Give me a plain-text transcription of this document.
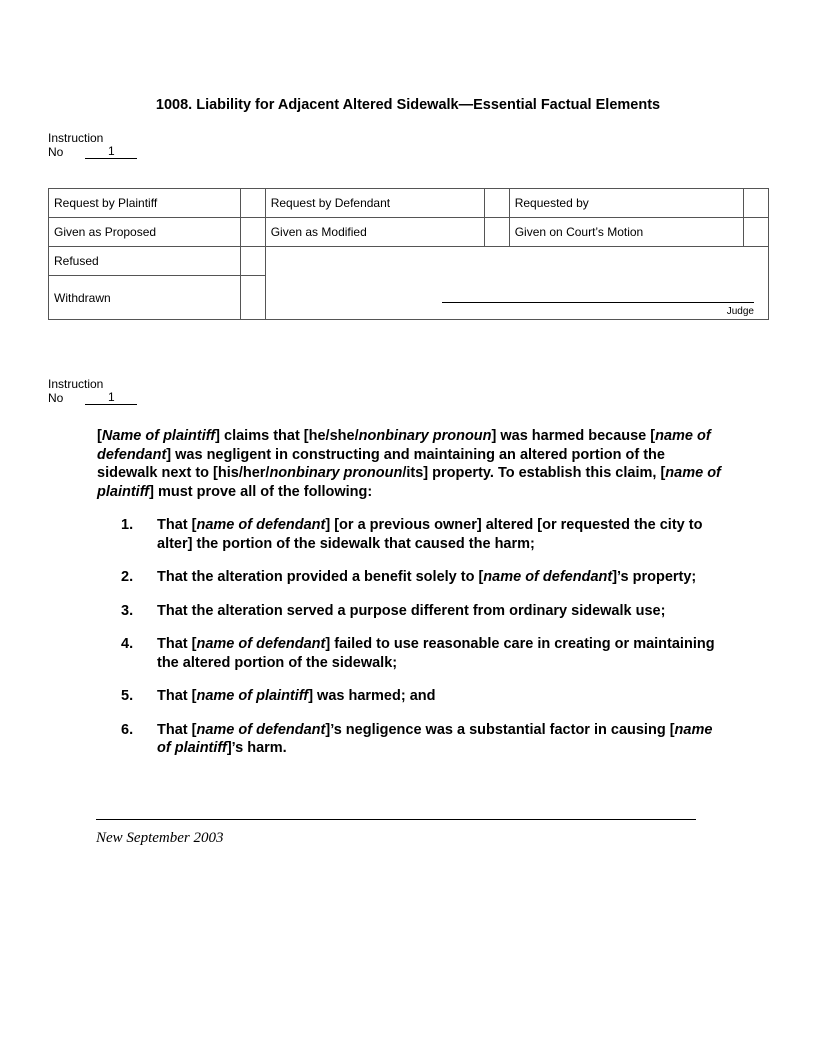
1008. Liability for Adjacent Altered Sidewalk—Essential Factual Elements
Instruction
No	1
Request by Plaintiff		Request by Defendant		Requested by	
Given as Proposed		Given as Modified		Given on Court’s Motion	
Refused		Judge			

Withdrawn					
Instruction
No	1

[Name of plaintiff] claims that [he/she/nonbinary pronoun] was harmed because [name of defendant] was negligent in constructing and maintaining an altered portion of the sidewalk next to [his/her/nonbinary pronoun/its] property. To establish this claim, [name of plaintiff] must prove all of the following:

1.	That [name of defendant] [or a previous owner] altered [or requested the city to alter] the portion of the sidewalk that caused the harm;
2.	That the alteration provided a benefit solely to [name of defendant]’s property;
3.	That the alteration served a purpose different from ordinary sidewalk use;
4.	That [name of defendant] failed to use reasonable care in creating or maintaining the altered portion of the sidewalk;
5.	That [name of plaintiff] was harmed; and
6.	That [name of defendant]’s negligence was a substantial factor in causing [name of plaintiff]’s harm.
New September 2003
